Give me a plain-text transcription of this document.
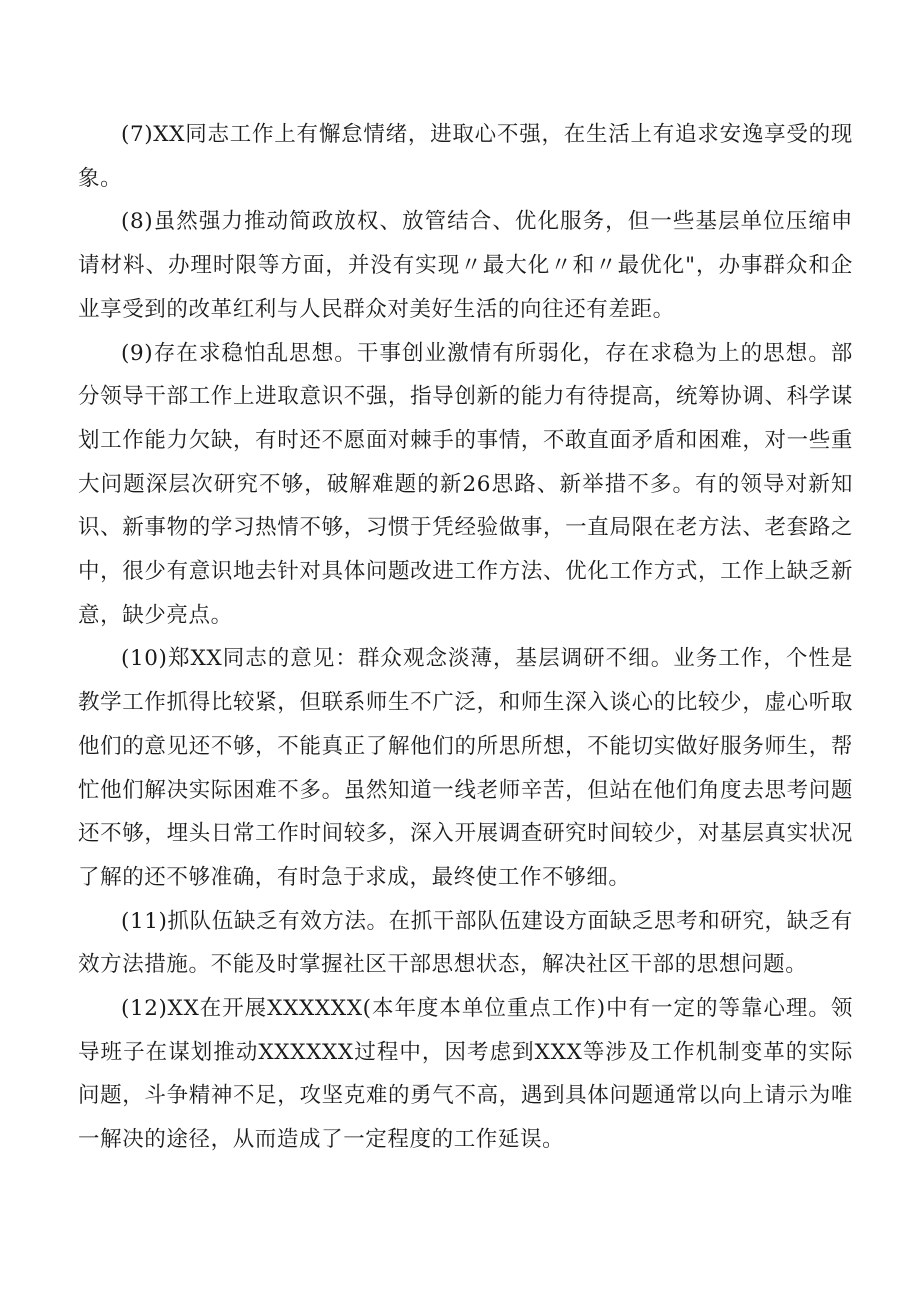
(7)XX同志工作上有懈怠情绪，进取心不强，在生活上有追求安逸享受的现象。

(8)虽然强力推动简政放权、放管结合、优化服务，但一些基层单位压缩申请材料、办理时限等方面，并没有实现〃最大化〃和〃最优化"，办事群众和企业享受到的改革红利与人民群众对美好生活的向往还有差距。

(9)存在求稳怕乱思想。干事创业激情有所弱化，存在求稳为上的思想。部分领导干部工作上进取意识不强，指导创新的能力有待提高，统筹协调、科学谋划工作能力欠缺，有时还不愿面对棘手的事情，不敢直面矛盾和困难，对一些重大问题深层次研究不够，破解难题的新26思路、新举措不多。有的领导对新知识、新事物的学习热情不够，习惯于凭经验做事，一直局限在老方法、老套路之中，很少有意识地去针对具体问题改进工作方法、优化工作方式，工作上缺乏新意，缺少亮点。

(10)郑XX同志的意见：群众观念淡薄，基层调研不细。业务工作，个性是教学工作抓得比较紧，但联系师生不广泛，和师生深入谈心的比较少，虚心听取他们的意见还不够，不能真正了解他们的所思所想，不能切实做好服务师生，帮忙他们解决实际困难不多。虽然知道一线老师辛苦，但站在他们角度去思考问题还不够，埋头日常工作时间较多，深入开展调查研究时间较少，对基层真实状况了解的还不够准确，有时急于求成，最终使工作不够细。

(11)抓队伍缺乏有效方法。在抓干部队伍建设方面缺乏思考和研究，缺乏有效方法措施。不能及时掌握社区干部思想状态，解决社区干部的思想问题。

(12)XX在开展XXXXXX(本年度本单位重点工作)中有一定的等靠心理。领导班子在谋划推动XXXXXX过程中，因考虑到XXX等涉及工作机制变革的实际问题，斗争精神不足，攻坚克难的勇气不高，遇到具体问题通常以向上请示为唯一解决的途径，从而造成了一定程度的工作延误。
